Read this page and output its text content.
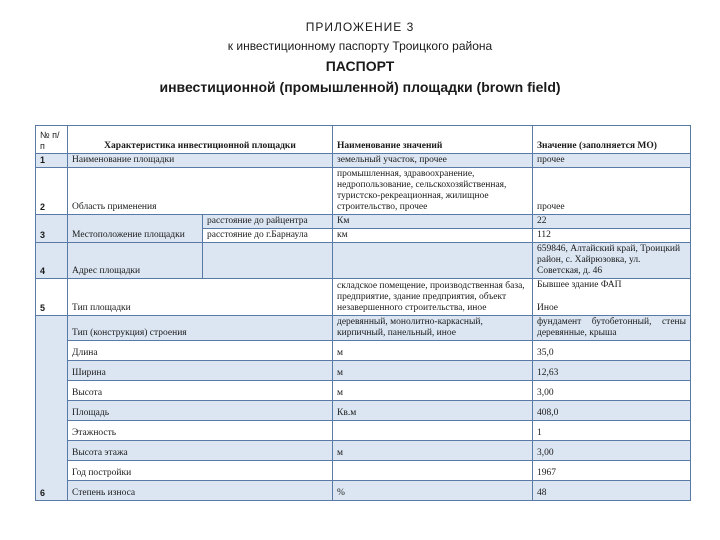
ПРИЛОЖЕНИЕ 3
к инвестиционному паспорту Троицкого района
ПАСПОРТ
инвестиционной (промышленной) площадки (brown field)
№ п/п	Характеристика инвестиционной площадки		Наименование значений	Значение (заполняется МО)
1	Наименование площадки		земельный участок, прочее	прочее
2	Область применения		промышленная, здравоохранение, недропользование, сельскохозяйственная, туристско-рекреационная, жилищное строительство, прочее	прочее
3	Местоположение площадки	расстояние до райцентра	Км	22
		расстояние до г.Барнаула	км	112
4	Адрес площадки			659846, Алтайский край, Троицкий район, с. Хайрюзовка, ул. Советская, д. 46
5	Тип площадки		складское помещение, производственная база, предприятие, здание предприятия, объект незавершенного строительства, иное	Бывшее здание ФАП
Иное

6	Тип (конструкция) строения		деревянный, монолитно-каркасный, кирпичный, панельный, иное	фундамент бутобетонный, стены деревянные, крыша
	Длина		м	35,0
	Ширина		м	12,63
	Высота		м	3,00
	Площадь		Кв.м	408,0
	Этажность			1
	Высота этажа		м	3,00
	Год постройки			1967
	Степень износа		%	48
